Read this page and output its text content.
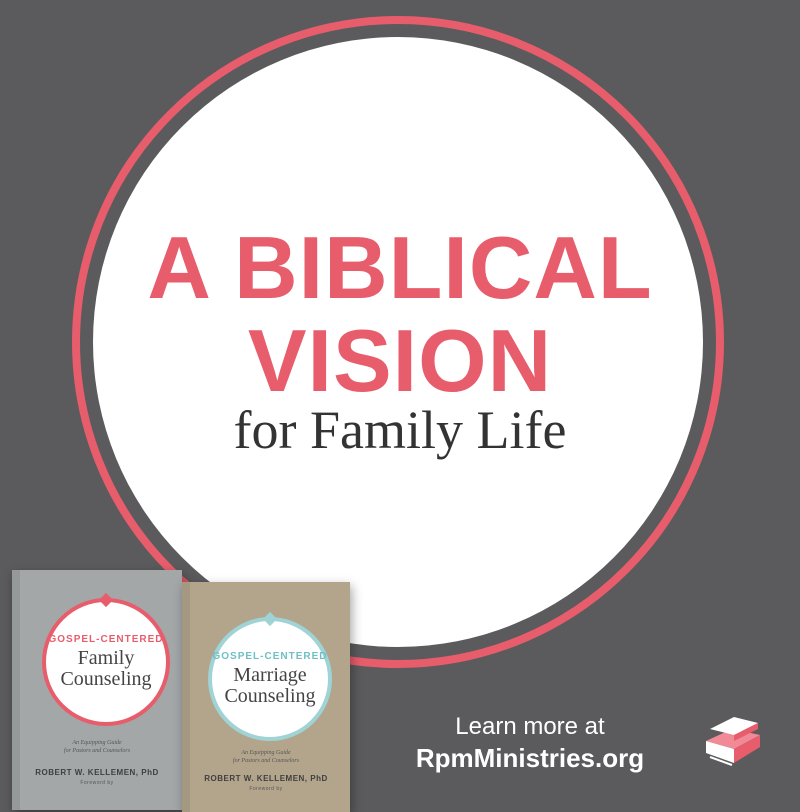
A BIBLICAL
VISION
for Family Life
GOSPEL-CENTERED
Family
Counseling
An Equipping Guide
for Pastors and Counselors
ROBERT W. KELLEMEN, PhD
Foreword by
GOSPEL-CENTERED
Marriage
Counseling
An Equipping Guide
for Pastors and Counselors
ROBERT W. KELLEMEN, PhD
Foreword by
Learn more at
RpmMinistries.org
